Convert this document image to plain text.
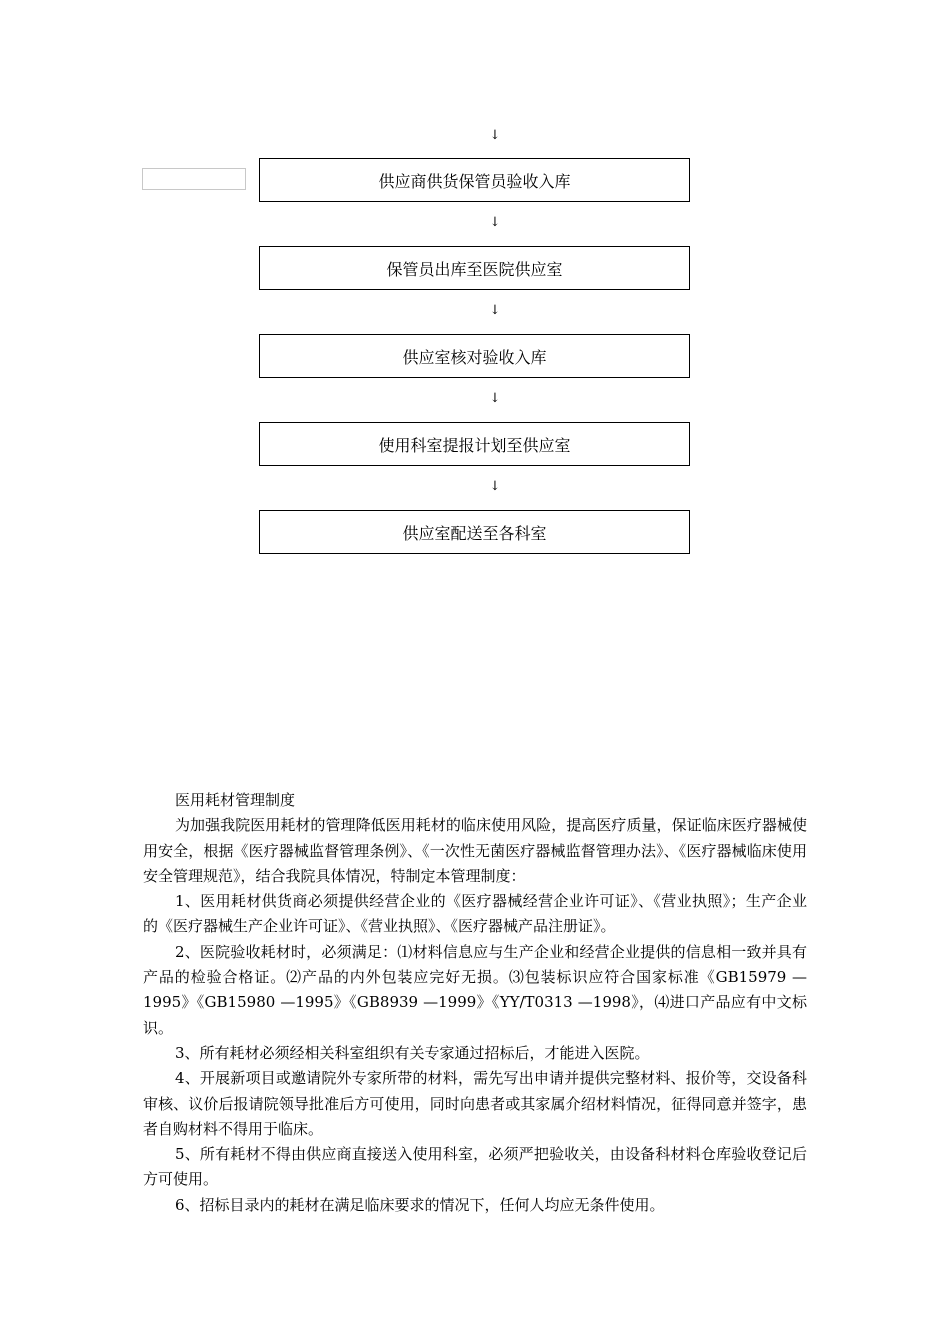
↓
供应商供货保管员验收入库
↓
保管员出库至医院供应室
↓
供应室核对验收入库
↓
使用科室提报计划至供应室
↓
供应室配送至各科室

医用耗材管理制度

为加强我院医用耗材的管理降低医用耗材的临床使用风险，提高医疗质量，保证临床医疗器械使用安全，根据《医疗器械监督管理条例》、《一次性无菌医疗器械监督管理办法》、《医疗器械临床使用安全管理规范》，结合我院具体情况，特制定本管理制度：

1、医用耗材供货商必须提供经营企业的《医疗器械经营企业许可证》、《营业执照》；生产企业的《医疗器械生产企业许可证》、《营业执照》、《医疗器械产品注册证》。

2、医院验收耗材时，必须满足：⑴材料信息应与生产企业和经营企业提供的信息相一致并具有产品的检验合格证。⑵产品的内外包装应完好无损。⑶包装标识应符合国家标准《GB15979 —1995》《GB15980 —1995》《GB8939 —1999》《YY/T0313 —1998》，⑷进口产品应有中文标识。

3、所有耗材必须经相关科室组织有关专家通过招标后，才能进入医院。

4、开展新项目或邀请院外专家所带的材料，需先写出申请并提供完整材料、报价等，交设备科审核、议价后报请院领导批准后方可使用，同时向患者或其家属介绍材料情况，征得同意并签字，患者自购材料不得用于临床。

5、所有耗材不得由供应商直接送入使用科室，必须严把验收关，由设备科材料仓库验收登记后方可使用。

6、招标目录内的耗材在满足临床要求的情况下，任何人均应无条件使用。
